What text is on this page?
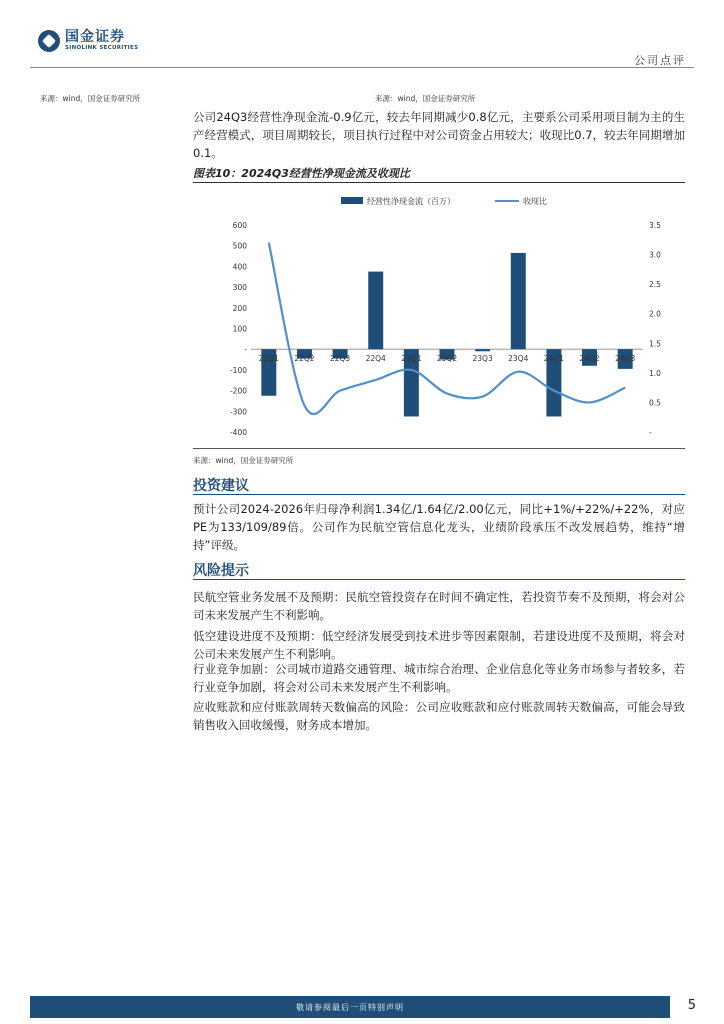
国金证券
SINOLINK SECURITIES
公司点评
来源：wind，国金证券研究所	来源：wind，国金证券研究所

公司24Q3经营性净现金流-0.9亿元，较去年同期减少0.8亿元，主要系公司采用项目制为主的生产经营模式，项目周期较长，项目执行过程中对公司资金占用较大；收现比0.7，较去年同期增加0.1。

图表10：2024Q3经营性净现金流及收现比
经营性净现金流（百万）	收现比
600
500
400
300
200
100
-
-100
-200
-300
-400
3.5
3.0
2.5
2.0
1.5
1.0
0.5
-
22Q1 22Q2 22Q3 22Q4 23Q1 23Q2 23Q3 23Q4 24Q1 24Q2 24Q3
来源：wind，国金证券研究所
投资建议

预计公司2024-2026年归母净利润1.34亿/1.64亿/2.00亿元，同比+1%/+22%/+22%，对应PE为133/109/89倍。公司作为民航空管信息化龙头，业绩阶段承压不改发展趋势，维持“增持”评级。

风险提示

民航空管业务发展不及预期：民航空管投资存在时间不确定性，若投资节奏不及预期，将会对公司未来发展产生不利影响。

低空建设进度不及预期：低空经济发展受到技术进步等因素限制，若建设进度不及预期，将会对公司未来发展产生不利影响。

行业竞争加剧：公司城市道路交通管理、城市综合治理、企业信息化等业务市场参与者较多，若行业竞争加剧，将会对公司未来发展产生不利影响。

应收账款和应付账款周转天数偏高的风险：公司应收账款和应付账款周转天数偏高，可能会导致销售收入回收缓慢，财务成本增加。

敬请参阅最后一页特别声明	5
